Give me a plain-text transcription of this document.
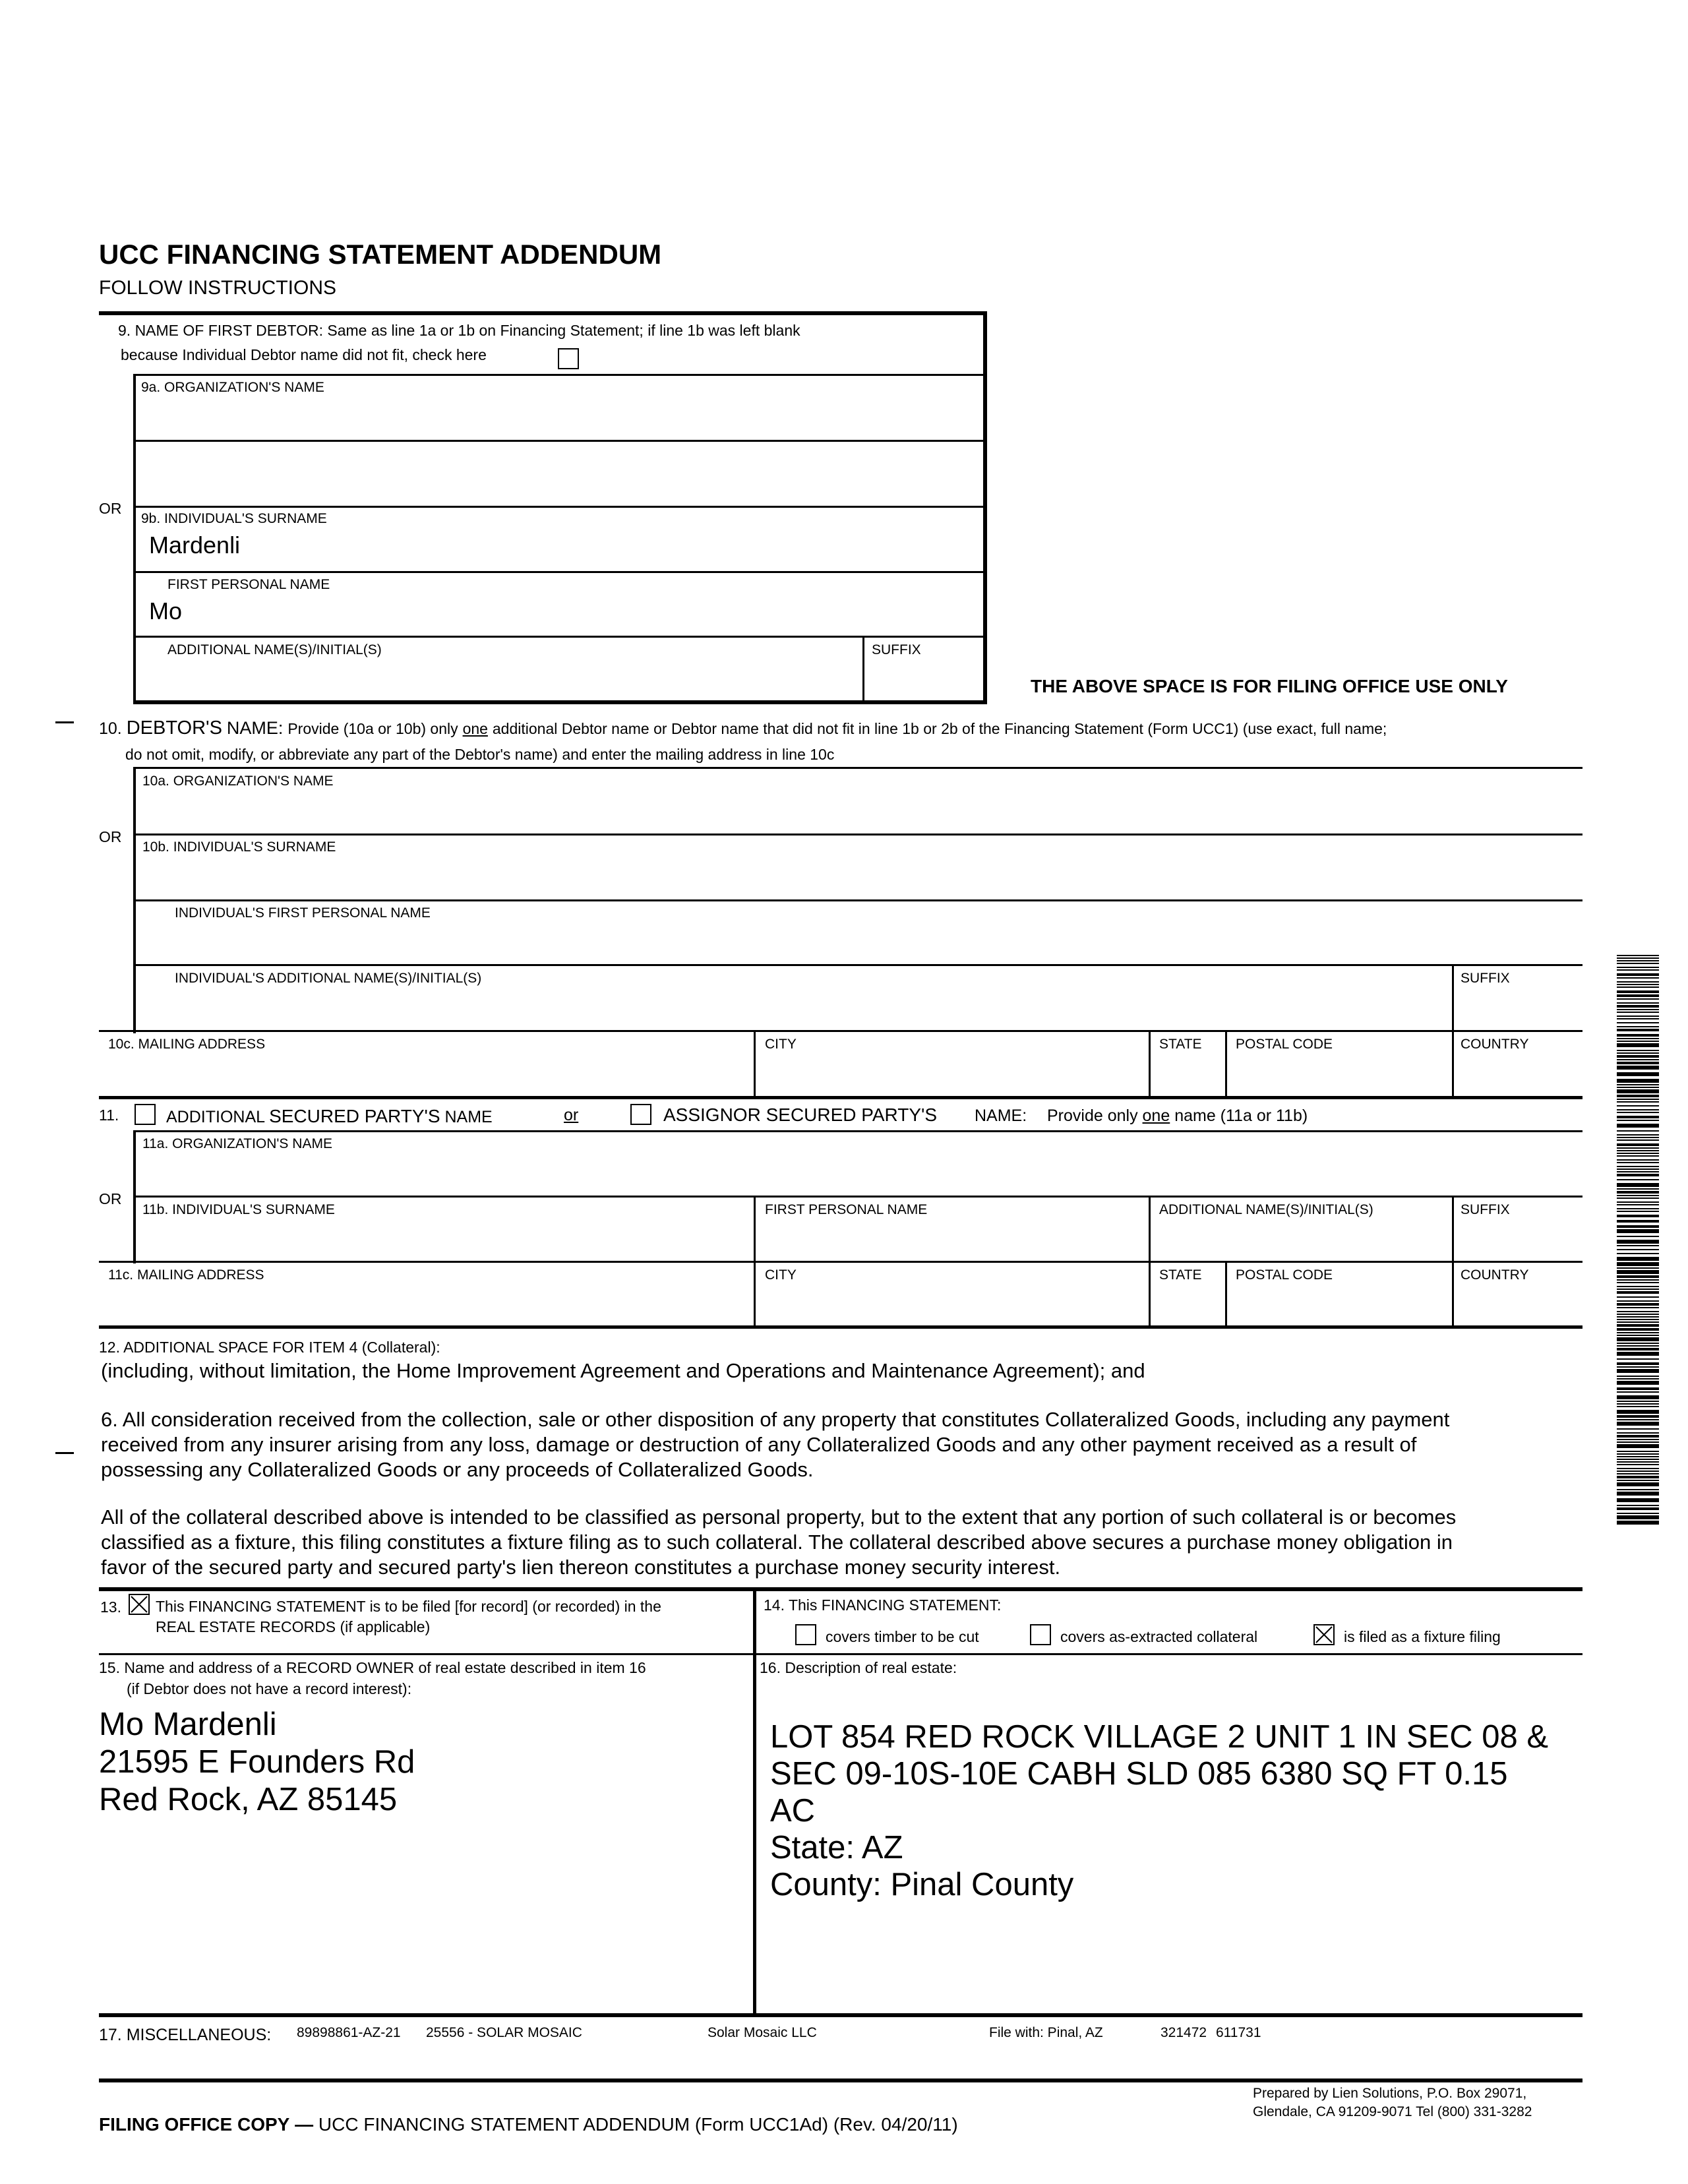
UCC FINANCING STATEMENT ADDENDUM
FOLLOW INSTRUCTIONS
9. NAME OF FIRST DEBTOR: Same as line 1a or 1b on Financing Statement; if line 1b was left blank
because Individual Debtor name did not fit, check here
9a. ORGANIZATION'S NAME
OR
9b. INDIVIDUAL'S SURNAME
Mardenli
FIRST PERSONAL NAME
Mo
ADDITIONAL NAME(S)/INITIAL(S)	SUFFIX
THE ABOVE SPACE IS FOR FILING OFFICE USE ONLY
10. DEBTOR'S NAME: Provide (10a or 10b) only one additional Debtor name or Debtor name that did not fit in line 1b or 2b of the Financing Statement (Form UCC1) (use exact, full name;
do not omit, modify, or abbreviate any part of the Debtor's name) and enter the mailing address in line 10c
10a. ORGANIZATION'S NAME
OR
10b. INDIVIDUAL'S SURNAME
INDIVIDUAL'S FIRST PERSONAL NAME
INDIVIDUAL'S ADDITIONAL NAME(S)/INITIAL(S)	SUFFIX
10c. MAILING ADDRESS	CITY	STATE POSTAL CODE	COUNTRY
11.	ADDITIONAL SECURED PARTY'S NAME	or	ASSIGNOR SECURED PARTY'S NAME: Provide only one name (11a or 11b)
11a. ORGANIZATION'S NAME
OR
11b. INDIVIDUAL'S SURNAME	FIRST PERSONAL NAME	ADDITIONAL NAME(S)/INITIAL(S)	SUFFIX
11c. MAILING ADDRESS	CITY	STATE POSTAL CODE	COUNTRY
12. ADDITIONAL SPACE FOR ITEM 4 (Collateral):
(including, without limitation, the Home Improvement Agreement and Operations and Maintenance Agreement); and
6. All consideration received from the collection, sale or other disposition of any property that constitutes Collateralized Goods, including any payment
received from any insurer arising from any loss, damage or destruction of any Collateralized Goods and any other payment received as a result of
possessing any Collateralized Goods or any proceeds of Collateralized Goods.
All of the collateral described above is intended to be classified as personal property, but to the extent that any portion of such collateral is or becomes
classified as a fixture, this filing constitutes a fixture filing as to such collateral. The collateral described above secures a purchase money obligation in
favor of the secured party and secured party's lien thereon constitutes a purchase money security interest.
13. This FINANCING STATEMENT is to be filed [for record] (or recorded) in the
REAL ESTATE RECORDS (if applicable)
14. This FINANCING STATEMENT:
covers timber to be cut	covers as-extracted collateral	is filed as a fixture filing
15. Name and address of a RECORD OWNER of real estate described in item 16
(if Debtor does not have a record interest):
Mo Mardenli
21595 E Founders Rd
Red Rock, AZ 85145
16. Description of real estate:
LOT 854 RED ROCK VILLAGE 2 UNIT 1 IN SEC 08 &
SEC 09-10S-10E CABH SLD 085 6380 SQ FT 0.15
AC
State: AZ
County: Pinal County
17. MISCELLANEOUS: 89898861-AZ-21 25556 - SOLAR MOSAIC	Solar Mosaic LLC	File with: Pinal, AZ	321472 611731
FILING OFFICE COPY — UCC FINANCING STATEMENT ADDENDUM (Form UCC1Ad) (Rev. 04/20/11)
Prepared by Lien Solutions, P.O. Box 29071,
Glendale, CA 91209-9071 Tel (800) 331-3282
